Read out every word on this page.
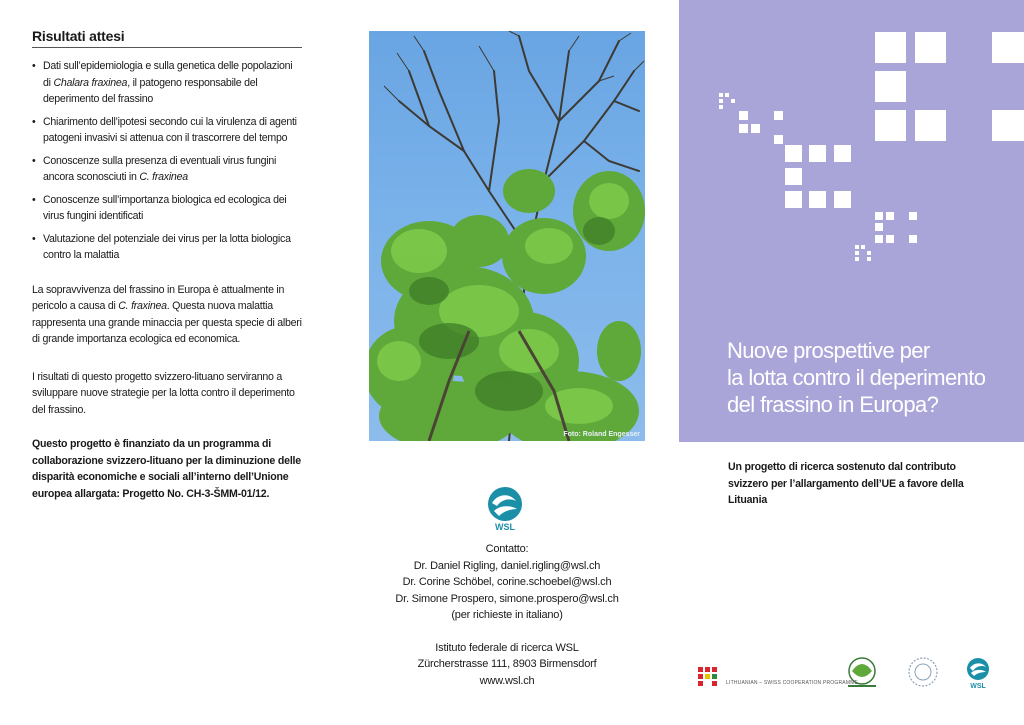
Risultati attesi
• Dati sull’epidemiologia e sulla genetica delle popolazioni di Chalara fraxinea, il patogeno responsabile del deperimento del frassino
• Chiarimento dell’ipotesi secondo cui la virulenza di agenti patogeni invasivi si attenua con il trascorrere del tempo
• Conoscenze sulla presenza di eventuali virus fungini ancora sconosciuti in C. fraxinea
• Conoscenze sull’importanza biologica ed ecologica dei virus fungini identificati
• Valutazione del potenziale dei virus per la lotta biologica contro la malattia

La sopravvivenza del frassino in Europa è attualmente in pericolo a causa di C. fraxinea. Questa nuova malattia rappresenta una grande minaccia per questa specie di alberi di grande importanza ecologica ed economica.

I risultati di questo progetto svizzero-lituano serviranno a sviluppare nuove strategie per la lotta contro il deperimento del frassino.

Questo progetto è finanziato da un programma di collaborazione svizzero-lituano per la diminuzione delle disparità economiche e sociali all’interno dell’Unione europea allargata: Progetto No. CH-3-ŠMM-01/12.

Foto: Roland Engesser
WSL
Contatto:
Dr. Daniel Rigling, daniel.rigling@wsl.ch
Dr. Corine Schöbel, corine.schoebel@wsl.ch
Dr. Simone Prospero, simone.prospero@wsl.ch
(per richieste in italiano)
Istituto federale di ricerca WSL
Zürcherstrasse 111, 8903 Birmensdorf
www.wsl.ch
Nuove prospettive per
la lotta contro il deperimento
del frassino in Europa?

Un progetto di ricerca sostenuto dal contributo svizzero per l’allargamento dell’UE a favore della Lituania

WSL
LITHUANIAN – SWISS COOPERATION PROGRAMME
